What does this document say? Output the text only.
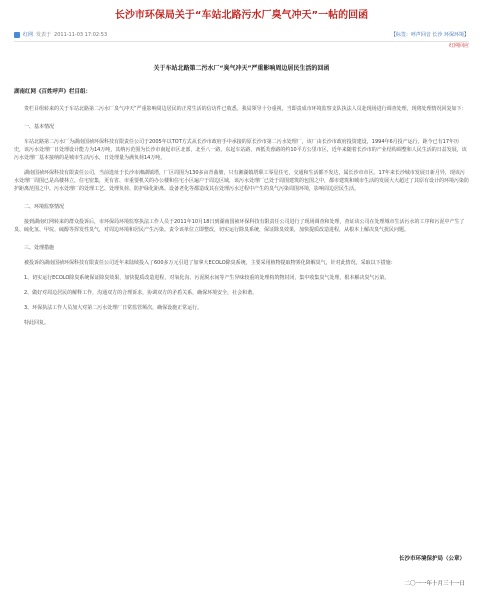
长沙市环保局关于“车站北路污水厂臭气冲天”一帖的回函
红网 发表于 2011-11-03 17:02:53	【标签：呼声回音 长沙 环保环境】
红网回应
关于车站北路第二污水厂“臭气冲天”严重影响周边居民生活的回函
湖南红网《百姓呼声》栏目组：

贵栏目组转来的关于车站北路第二污水厂臭气冲天”严重影响周边居民的正常生活的信访件已收悉。我局领导十分重视，当即责成市环境监察支队执法人员赴现场进行调查处理，现将处理情况回复如下：

一、基本情况

车站北路第二污水厂为湖南国祯环保科技有限责任公司于2005年以TOT方式从长沙市政府手中承接的原长沙市第二污水处理厂，该厂由长沙市政府投资建设，1994年6月投产运行，距今已有17年历史，该污水处理厂日处理设计能力为14万吨，其纳污范围为长沙市南起市区北部，北至八一路，东起车站路，西抵芙蓉路的约10平方公里市区，近年来随着长沙市的产业结构调整和人民生活的日益发展，该污水处理厂基本接纳的是城市生活污水，日处理量为满负荷14万吨。

湖南国祯环保科技有限责任公司，当前选址于长沙市湘湖镇塔，厂区周围为130多亩青曲塘，只有湘湖镇塔职工零星住宅，交通和生活都不发达，属长沙市市区。17年来长沙城市发展日新月异，现该污水处理厂周围已是高楼林立，住宅密集，更有省、市重要机关的办公楼和住宅小区遍户于周边区域，该污水处理厂已处于周围建筑的包围之中，都市建筑和城市生活的发展大大超过了其原有设计的环境污染防护距离范围之中。污水处理厂的处理工艺、处理负荷、防护绿化距离、设备老化等都造成其在处理污水过程中产生的臭气污染周围环境，影响周边居民生活。

二、环境监察情况

接到湖南红网转来的群众投诉后，市环保局环境监察执法工作人员于2011年10月18日到湖南国祯环保科技有限责任公司进行了现场调查和处理，查证该公司在处理城市生活污水的工序和污泥中产生了臭、硫化氢、甲烷、硫醇等挥发性臭气，对周边环境和居民产生污染。责令该单位立即整改，切实运行除臭系统，保证除臭效果，加快提质改造进程，从根本上解决臭气扰民问题。

三、处理措施

被投诉的湖南国祯环保科技有限责任公司近年来陆续投入了600多万元引进了加拿大ECOLO除臭系统，主要采用植物提取物雾化降解臭气，针对此情况，采取以下措施：

1、切实运行ECOLO除臭系统保证除臭效果，加快提质改造进程，对氧化沟、污泥脱水间等产生异味较重的处理构筑物封闭，集中收集臭气处理，根本解决臭气污染。

2、做好对周边居民的解释工作，沟通双方的合理诉求，协调双方的矛盾关系，确保环境安全，社会和谐。

3、环保执法工作人员加大对第二污水处理厂日常监管频次，确保设施正常运行。

特此回复。

长沙市环境保护局（公章）
二〇一一年十月三十一日
